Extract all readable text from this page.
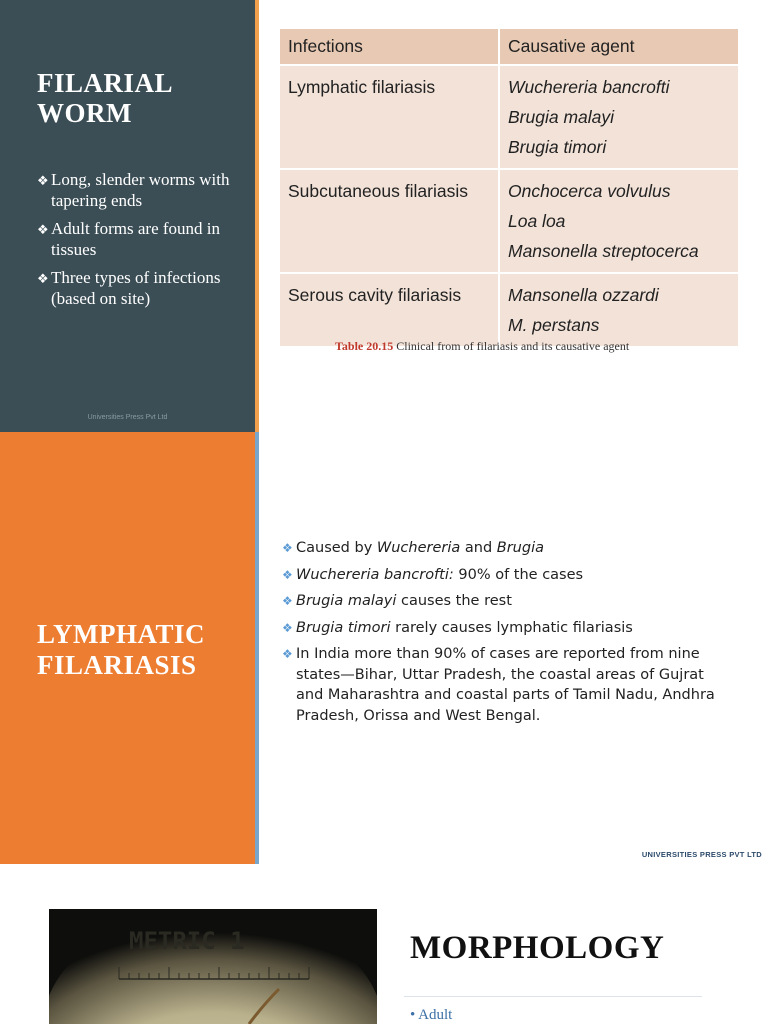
FILARIAL
WORM
❖ Long, slender worms with tapering ends
❖ Adult forms are found in tissues
❖ Three types of infections (based on site)
Universities Press Pvt Ltd
Infections	Causative agent
Lymphatic filariasis	Wuchereria bancrofti
Brugia malayi
Brugia timori

Subcutaneous filariasis	Onchocerca volvulus
Loa loa
Mansonella streptocerca

Serous cavity filariasis	Mansonella ozzardi
M. perstans

Table 20.15 Clinical from of filariasis and its causative agent

LYMPHATIC
FILARIASIS
❖ Caused by Wuchereria and Brugia
❖ Wuchereria bancrofti: 90% of the cases
❖ Brugia malayi causes the rest
❖ Brugia timori rarely causes lymphatic filariasis
❖ In India more than 90% of cases are reported from nine states—Bihar, Uttar Pradesh, the coastal areas of Gujrat and Maharashtra and coastal parts of Tamil Nadu, Andhra Pradesh, Orissa and West Bengal.
UNIVERSITIES PRESS PVT LTD
METRIC 1	MORPHOLOGY
• Adult
